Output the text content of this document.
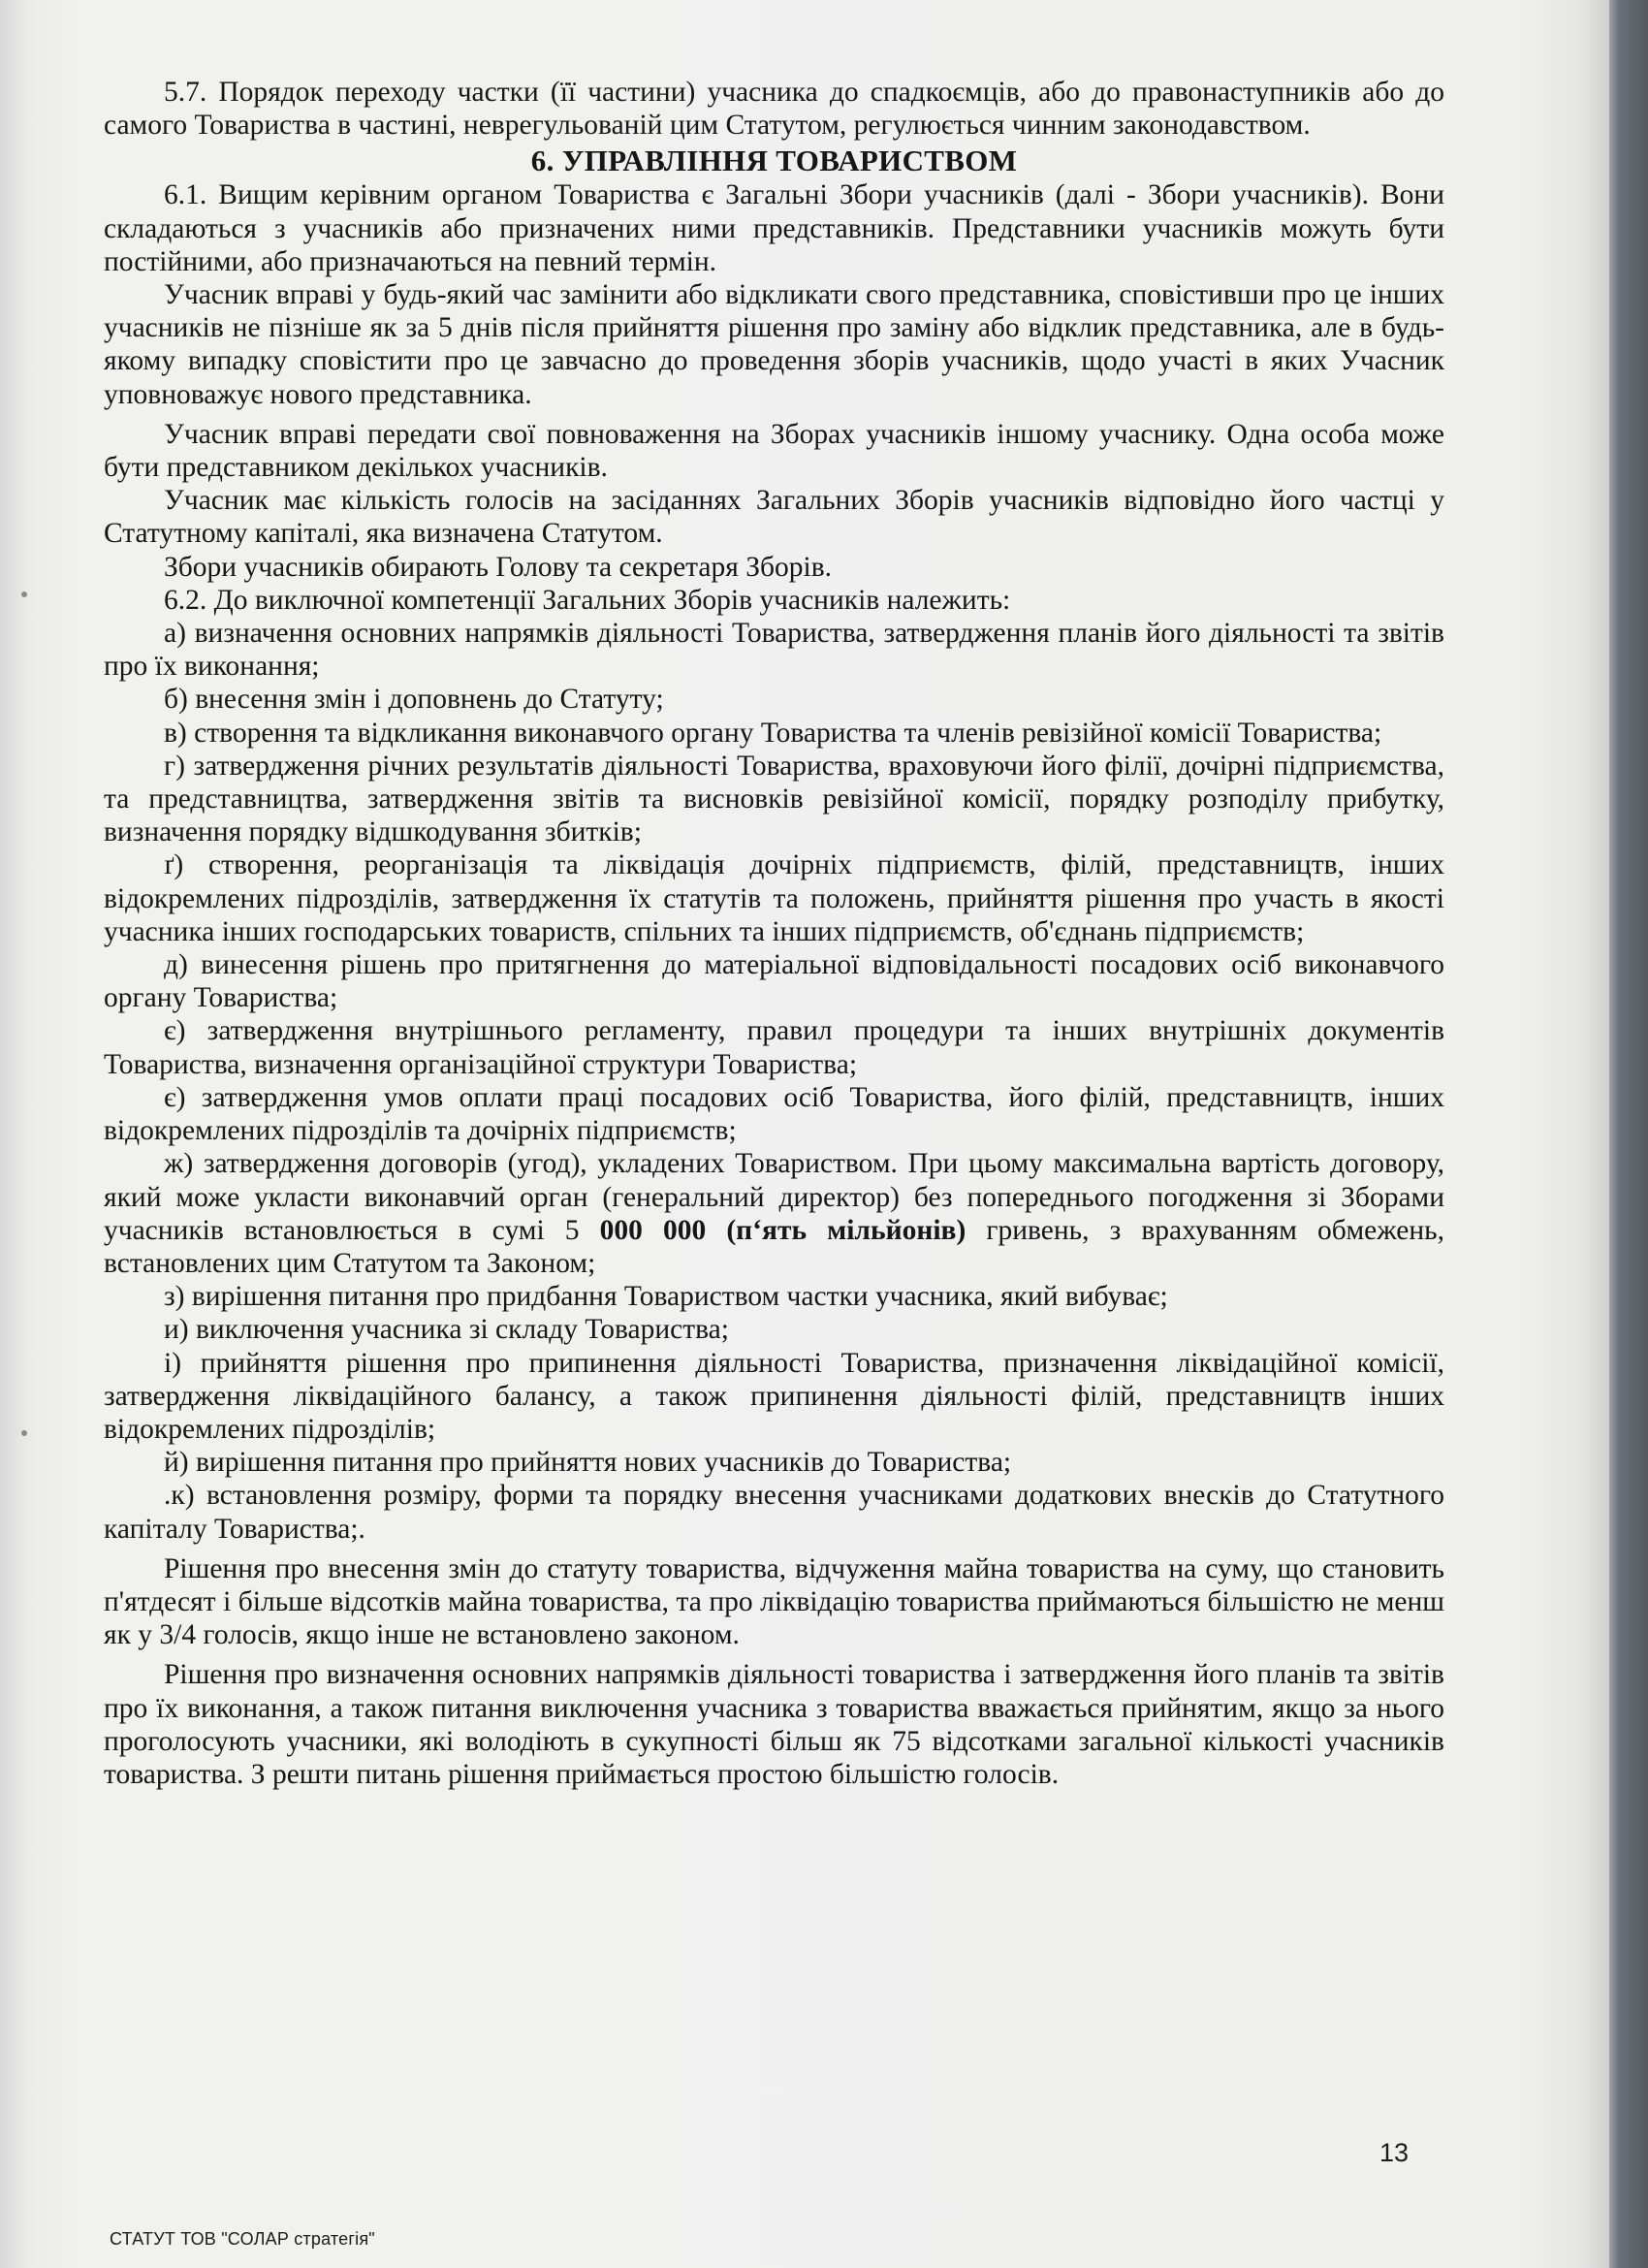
5.7. Порядок переходу частки (її частини) учасника до спадкоємців, або до правонаступників або до самого Товариства в частині, неврегульованій цим Статутом, регулюється чинним законодавством.

6. УПРАВЛІННЯ ТОВАРИСТВОМ

6.1. Вищим керівним органом Товариства є Загальні Збори учасників (далі - Збори учасників). Вони складаються з учасників або призначених ними представників. Представники учасників можуть бути постійними, або призначаються на певний термін.

Учасник вправі у будь-який час замінити або відкликати свого представника, сповістивши про це інших учасників не пізніше як за 5 днів після прийняття рішення про заміну або відклик представника, але в будь-якому випадку сповістити про це завчасно до проведення зборів учасників, щодо участі в яких Учасник уповноважує нового представника.

Учасник вправі передати свої повноваження на Зборах учасників іншому учаснику. Одна особа може бути представником декількох учасників.

Учасник має кількість голосів на засіданнях Загальних Зборів учасників відповідно його частці у Статутному капіталі, яка визначена Статутом.

Збори учасників обирають Голову та секретаря Зборів.

6.2. До виключної компетенції Загальних Зборів учасників належить:

а) визначення основних напрямків діяльності Товариства, затвердження планів його діяльності та звітів про їх виконання;

б) внесення змін і доповнень до Статуту;

в) створення та відкликання виконавчого органу Товариства та членів ревізійної комісії Товариства;

г) затвердження річних результатів діяльності Товариства, враховуючи його філії, дочірні підприємства, та представництва, затвердження звітів та висновків ревізійної комісії, порядку розподілу прибутку, визначення порядку відшкодування збитків;

ґ) створення, реорганізація та ліквідація дочірніх підприємств, філій, представництв, інших відокремлених підрозділів, затвердження їх статутів та положень, прийняття рішення про участь в якості учасника інших господарських товариств, спільних та інших підприємств, об'єднань підприємств;

д) винесення рішень про притягнення до матеріальної відповідальності посадових осіб виконавчого органу Товариства;

є) затвердження внутрішнього регламенту, правил процедури та інших внутрішніх документів Товариства, визначення організаційної структури Товариства;

є) затвердження умов оплати праці посадових осіб Товариства, його філій, представництв, інших відокремлених підрозділів та дочірніх підприємств;

ж) затвердження договорів (угод), укладених Товариством. При цьому максимальна вартість договору, який може укласти виконавчий орган (генеральний директор) без попереднього погодження зі Зборами учасників встановлюється в сумі 5 000 000 (п‘ять мільйонів) гривень, з врахуванням обмежень, встановлених цим Статутом та Законом;

з) вирішення питання про придбання Товариством частки учасника, який вибуває;

и) виключення учасника зі складу Товариства;

і) прийняття рішення про припинення діяльності Товариства, призначення ліквідаційної комісії, затвердження ліквідаційного балансу, а також припинення діяльності філій, представництв інших відокремлених підрозділів;

й) вирішення питання про прийняття нових учасників до Товариства;

.к) встановлення розміру, форми та порядку внесення учасниками додаткових внесків до Статутного капіталу Товариства;.

Рішення про внесення змін до статуту товариства, відчуження майна товариства на суму, що становить п'ятдесят і більше відсотків майна товариства, та про ліквідацію товариства приймаються більшістю не менш як у 3/4 голосів, якщо інше не встановлено законом.

Рішення про визначення основних напрямків діяльності товариства і затвердження його планів та звітів про їх виконання, а також питання виключення учасника з товариства вважається прийнятим, якщо за нього проголосують учасники, які володіють в сукупності більш як 75 відсотками загальної кількості учасників товариства. З решти питань рішення приймається простою більшістю голосів.

13
СТАТУТ ТОВ "СОЛАР стратегія"
